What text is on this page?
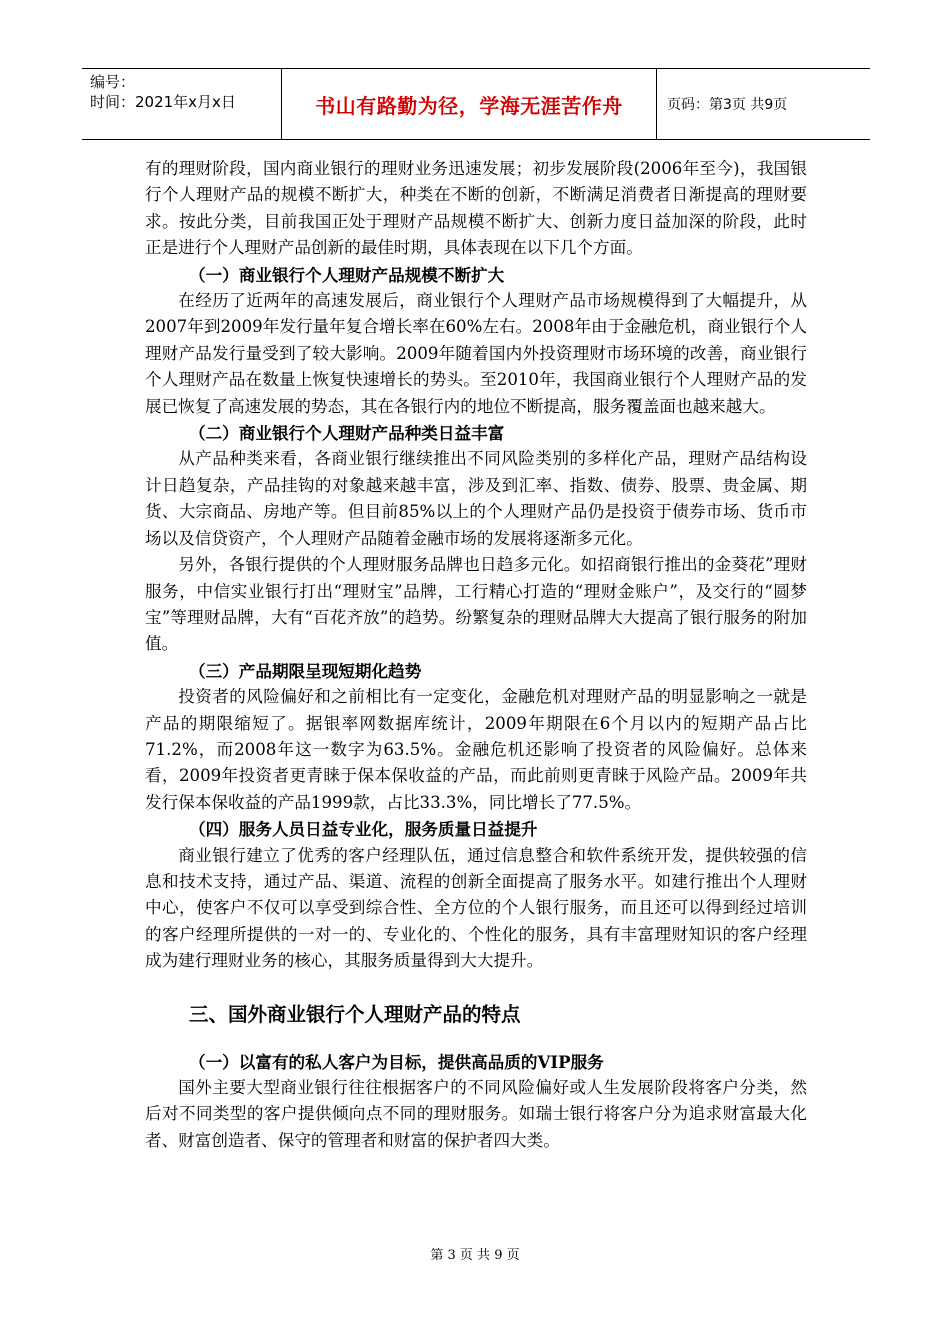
编号：
时间：2021年x月x日	书山有路勤为径，学海无涯苦作舟	页码：第3页 共9页

有的理财阶段，国内商业银行的理财业务迅速发展；初步发展阶段(2006年至今)，我国银行个人理财产品的规模不断扩大，种类在不断的创新，不断满足消费者日渐提高的理财要求。按此分类，目前我国正处于理财产品规模不断扩大、创新力度日益加深的阶段，此时正是进行个人理财产品创新的最佳时期，具体表现在以下几个方面。

（一）商业银行个人理财产品规模不断扩大

在经历了近两年的高速发展后，商业银行个人理财产品市场规模得到了大幅提升，从2007年到2009年发行量年复合增长率在60%左右。2008年由于金融危机，商业银行个人理财产品发行量受到了较大影响。2009年随着国内外投资理财市场环境的改善，商业银行个人理财产品在数量上恢复快速增长的势头。至2010年，我国商业银行个人理财产品的发展已恢复了高速发展的势态，其在各银行内的地位不断提高，服务覆盖面也越来越大。

（二）商业银行个人理财产品种类日益丰富

从产品种类来看，各商业银行继续推出不同风险类别的多样化产品，理财产品结构设计日趋复杂，产品挂钩的对象越来越丰富，涉及到汇率、指数、债券、股票、贵金属、期货、大宗商品、房地产等。但目前85%以上的个人理财产品仍是投资于债券市场、货币市场以及信贷资产，个人理财产品随着金融市场的发展将逐渐多元化。

另外，各银行提供的个人理财服务品牌也日趋多元化。如招商银行推出的金葵花”理财服务，中信实业银行打出“理财宝”品牌，工行精心打造的“理财金账户”，及交行的“圆梦宝”等理财品牌，大有“百花齐放”的趋势。纷繁复杂的理财品牌大大提高了银行服务的附加值。

（三）产品期限呈现短期化趋势

投资者的风险偏好和之前相比有一定变化，金融危机对理财产品的明显影响之一就是产品的期限缩短了。据银率网数据库统计，2009年期限在6个月以内的短期产品占比71.2%，而2008年这一数字为63.5%。金融危机还影响了投资者的风险偏好。总体来看，2009年投资者更青睐于保本保收益的产品，而此前则更青睐于风险产品。2009年共发行保本保收益的产品1999款，占比33.3%，同比增长了77.5%。

（四）服务人员日益专业化，服务质量日益提升

商业银行建立了优秀的客户经理队伍，通过信息整合和软件系统开发，提供较强的信息和技术支持，通过产品、渠道、流程的创新全面提高了服务水平。如建行推出个人理财中心，使客户不仅可以享受到综合性、全方位的个人银行服务，而且还可以得到经过培训的客户经理所提供的一对一的、专业化的、个性化的服务，具有丰富理财知识的客户经理成为建行理财业务的核心，其服务质量得到大大提升。

三、国外商业银行个人理财产品的特点

（一）以富有的私人客户为目标，提供高品质的VIP服务

国外主要大型商业银行往往根据客户的不同风险偏好或人生发展阶段将客户分类，然后对不同类型的客户提供倾向点不同的理财服务。如瑞士银行将客户分为追求财富最大化者、财富创造者、保守的管理者和财富的保护者四大类。

第 3 页 共 9 页
